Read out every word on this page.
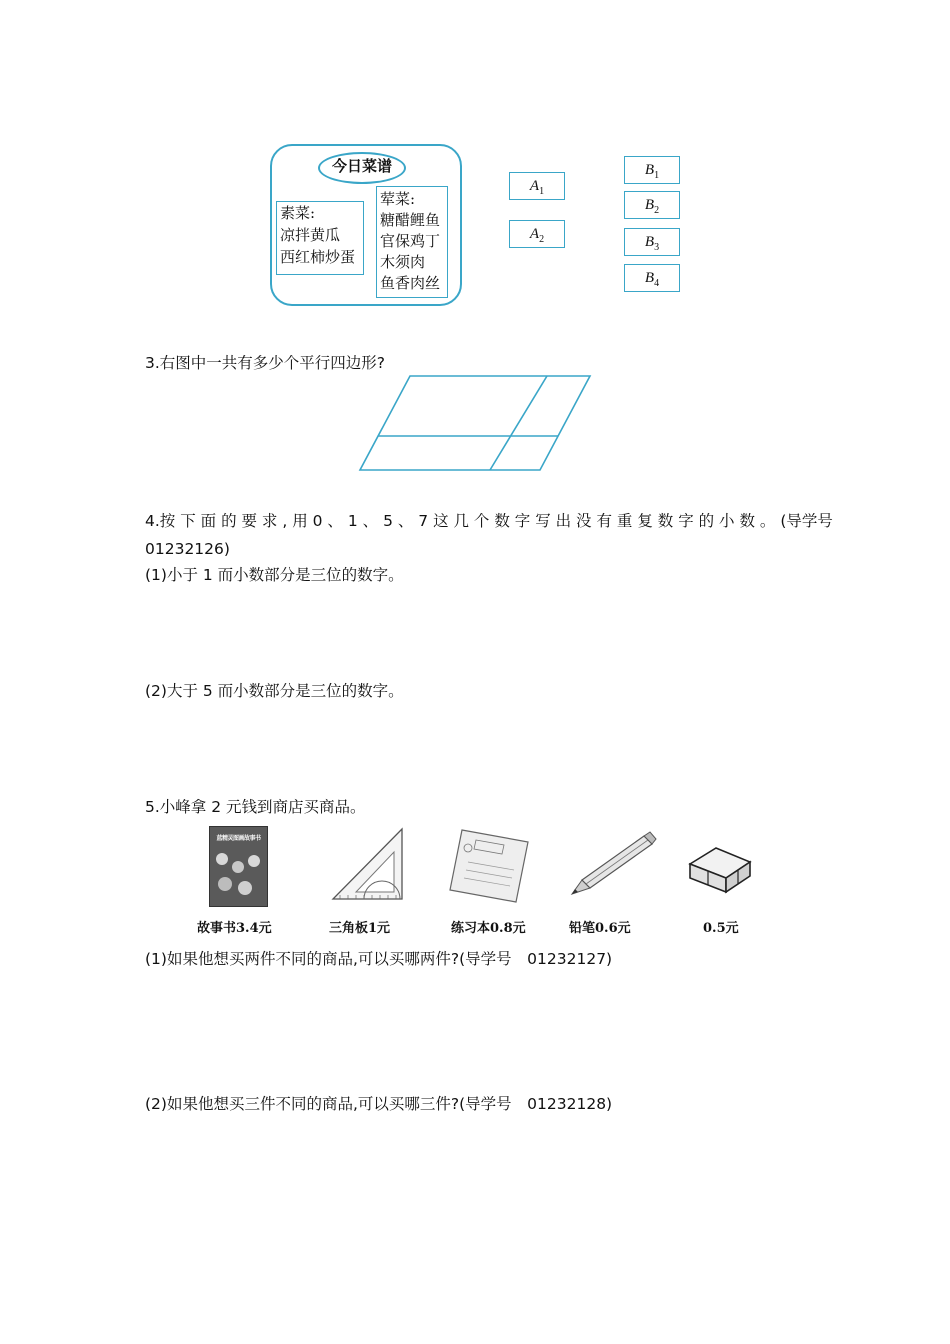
今日菜谱
素菜:
凉拌黄瓜
西红柿炒蛋
荤菜:
糖醋鲤鱼
官保鸡丁
木须肉
鱼香肉丝
$A_1$
$A_2$
$B_1$
$B_2$
$B_3$
$B_4$
3.右图中一共有多少个平行四边形?
4.按 下 面 的 要 求 , 用 0 、 1 、 5 、 7 这 几 个 数 字 写 出 没 有 重 复 数 字 的 小 数 。 (导学号
01232126)
(1)小于 1 而小数部分是三位的数字。
(2)大于 5 而小数部分是三位的数字。
5.小峰拿 2 元钱到商店买商品。
蓝精灵图画故事书
故事书3.4元	三角板1元	练习本0.8元	铅笔0.6元	0.5元
(1)如果他想买两件不同的商品,可以买哪两件?(导学号　01232127)
(2)如果他想买三件不同的商品,可以买哪三件?(导学号　01232128)
